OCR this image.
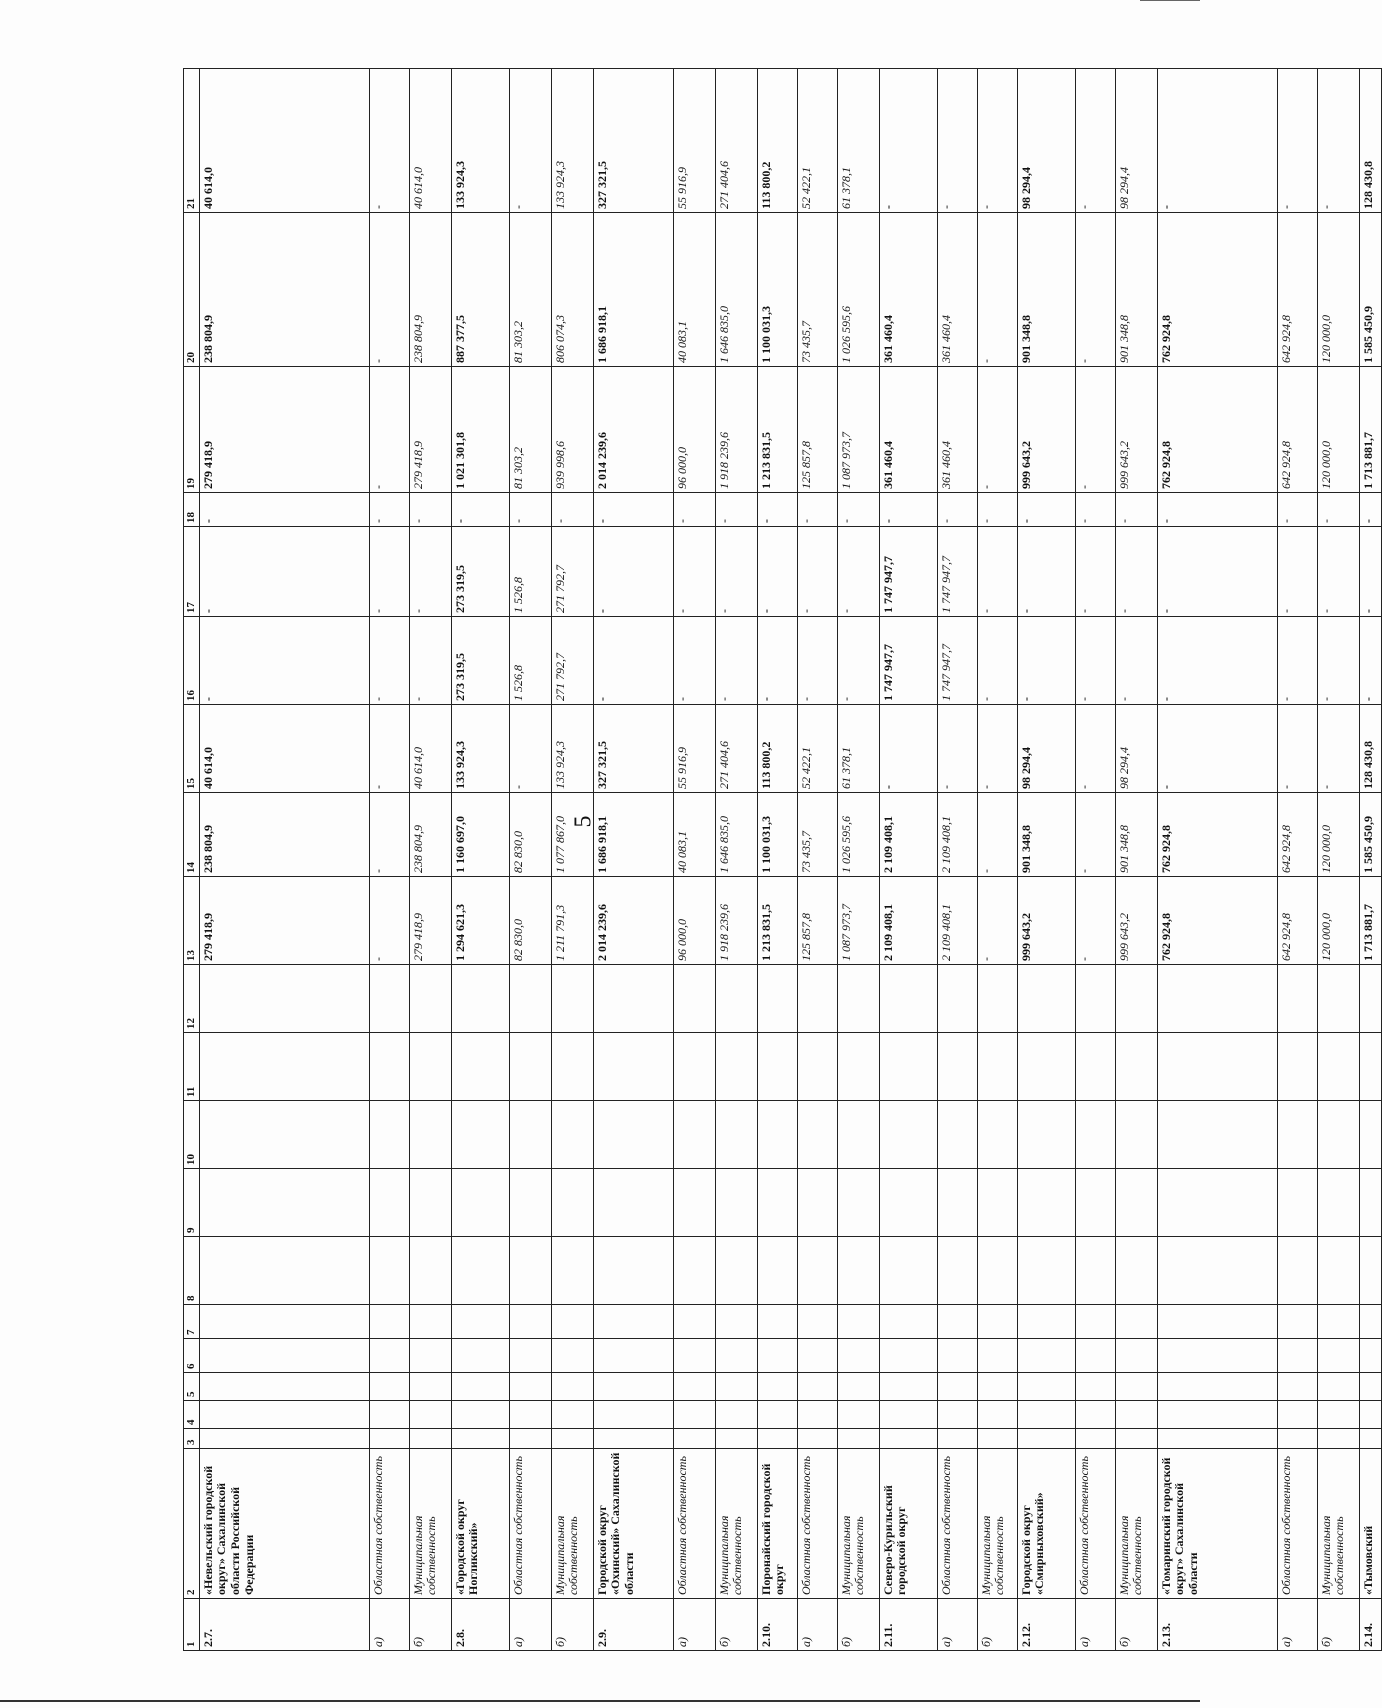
5
1	2	3	4	5	6	7	8	9	10	11	12	13	14	15	16	17	18	19	20	21
2.7.	«Невельский городской округ» Сахалинской области Российской Федерации											279 418,9	238 804,9	40 614,0	-	-	-	279 418,9	238 804,9	40 614,0
а)	Областная собственность											-	-	-	-	-	-	-	-	-
б)	Муниципальная собственность											279 418,9	238 804,9	40 614,0	-	-	-	279 418,9	238 804,9	40 614,0
2.8.	«Городской округ Ногликский»											1 294 621,3	1 160 697,0	133 924,3	273 319,5	273 319,5	-	1 021 301,8	887 377,5	133 924,3
а)	Областная собственность											82 830,0	82 830,0	-	1 526,8	1 526,8	-	81 303,2	81 303,2	-
б)	Муниципальная собственность											1 211 791,3	1 077 867,0	133 924,3	271 792,7	271 792,7	-	939 998,6	806 074,3	133 924,3
2.9.	Городской округ «Охинский» Сахалинской области											2 014 239,6	1 686 918,1	327 321,5	-	-	-	2 014 239,6	1 686 918,1	327 321,5
а)	Областная собственность											96 000,0	40 083,1	55 916,9	-	-	-	96 000,0	40 083,1	55 916,9
б)	Муниципальная собственность											1 918 239,6	1 646 835,0	271 404,6	-	-	-	1 918 239,6	1 646 835,0	271 404,6
2.10.	Поронайский городской округ											1 213 831,5	1 100 031,3	113 800,2	-	-	-	1 213 831,5	1 100 031,3	113 800,2
а)	Областная собственность											125 857,8	73 435,7	52 422,1	-	-	-	125 857,8	73 435,7	52 422,1
б)	Муниципальная собственность											1 087 973,7	1 026 595,6	61 378,1	-	-	-	1 087 973,7	1 026 595,6	61 378,1
2.11.	Северо-Курильский городской округ											2 109 408,1	2 109 408,1	-	1 747 947,7	1 747 947,7	-	361 460,4	361 460,4	-
а)	Областная собственность											2 109 408,1	2 109 408,1	-	1 747 947,7	1 747 947,7	-	361 460,4	361 460,4	-
б)	Муниципальная собственность											-	-	-	-	-	-	-	-	-
2.12.	Городской округ «Смирныховский»											999 643,2	901 348,8	98 294,4	-	-	-	999 643,2	901 348,8	98 294,4
а)	Областная собственность											-	-	-	-	-	-	-	-	-
б)	Муниципальная собственность											999 643,2	901 348,8	98 294,4	-	-	-	999 643,2	901 348,8	98 294,4
2.13.	«Томаринский городской округ» Сахалинской области											762 924,8	762 924,8	-	-	-	-	762 924,8	762 924,8	-
а)	Областная собственность											642 924,8	642 924,8	-	-	-	-	642 924,8	642 924,8	-
б)	Муниципальная собственность											120 000,0	120 000,0	-	-	-	-	120 000,0	120 000,0	-
2.14.	«Тымовский											1 713 881,7	1 585 450,9	128 430,8	-	-	-	1 713 881,7	1 585 450,9	128 430,8
